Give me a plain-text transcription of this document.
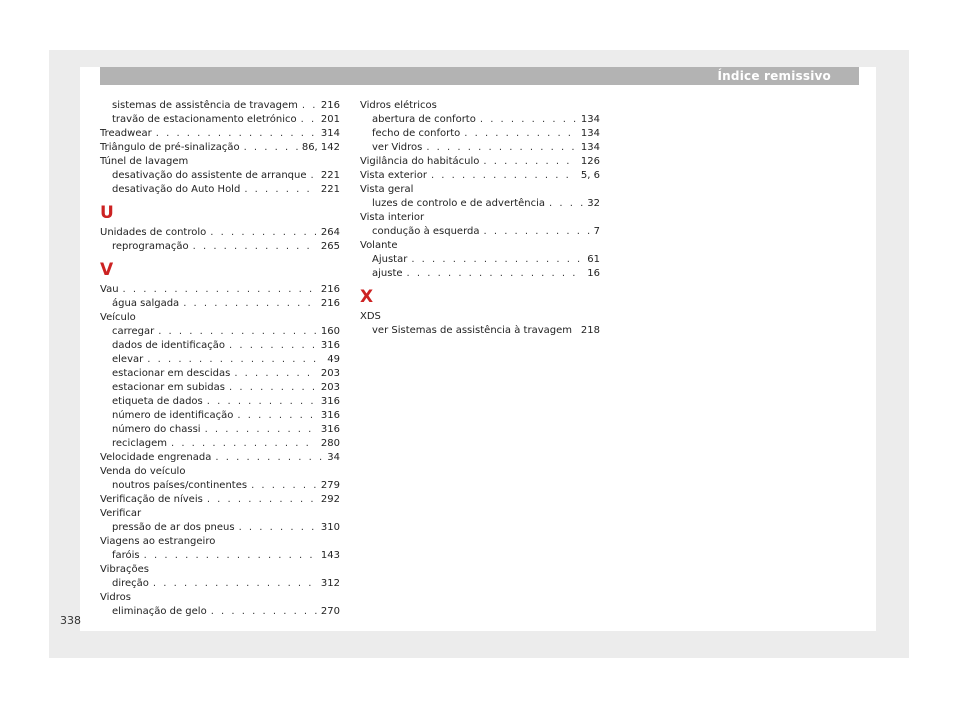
Índice remissivo
sistemas de assistência de travagem . . . 216
travão de estacionamento eletrónico . . . 201
Treadwear . . .	314
Triângulo de pré-sinalização . . .	86, 142
Túnel de lavagem
desativação do assistente de arranque . . . 221
desativação do Auto Hold . . .	221
U
Unidades de controlo . . .	264
reprogramação . . .	265
V
Vau . . .	216
água salgada . . .	216
Veículo
carregar . . .	160
dados de identificação . . .	316
elevar . . .	49
estacionar em descidas . . .	203
estacionar em subidas . . .	203
etiqueta de dados . . .	316
número de identificação . . .	316
número do chassi . . .	316
reciclagem . . .	280
Velocidade engrenada . . .	34
Venda do veículo
noutros países/continentes . . .	279
Verificação de níveis . . .	292
Verificar
pressão de ar dos pneus . . .	310
Viagens ao estrangeiro
faróis . . .	143
Vibrações
direção . . .	312
Vidros
eliminação de gelo . . .	270
Vidros elétricos
abertura de conforto . . .	134
fecho de conforto . . .	134
ver Vidros . . .	134
Vigilância do habitáculo . . .	126
Vista exterior . . .	5, 6
Vista geral
luzes de controlo e de advertência . . .	32
Vista interior
condução à esquerda . . .	7
Volante
Ajustar . . .	61
ajuste . . .	16
X
XDS
ver Sistemas de assistência à travagem . . . 218
338
